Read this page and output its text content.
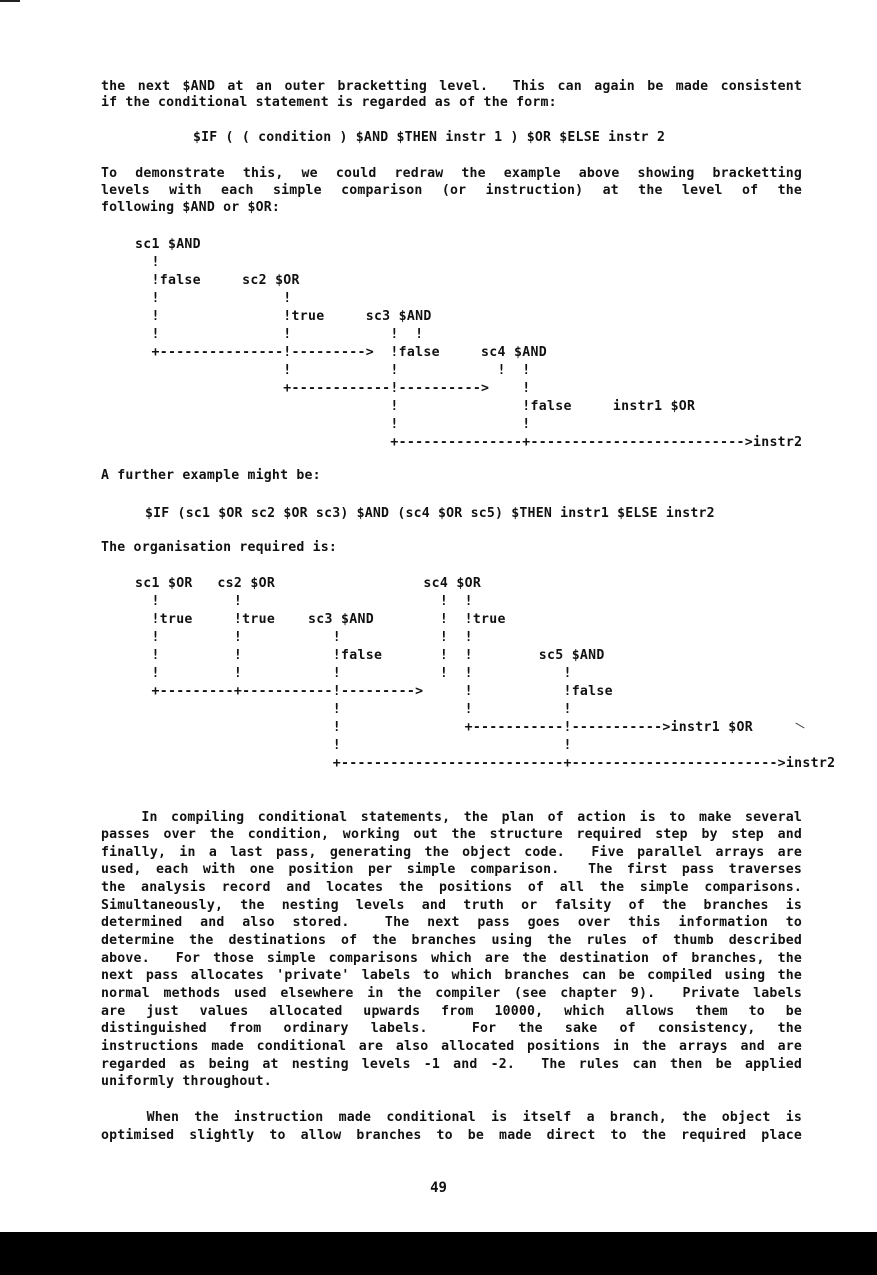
the next $AND at an outer bracketting level.  This can again be made consistent
if the conditional statement is regarded as of the form:
$IF ( ( condition ) $AND $THEN instr 1 ) $OR $ELSE instr 2
To demonstrate this, we could redraw the example above showing bracketting
levels with each simple comparison (or instruction) at the level of the
following $AND or $OR:
sc1 $AND
!
!false     sc2 $OR
!               !
!               !true     sc3 $AND
!               !            !  !
+---------------!--------->  !false     sc4 $AND
!            !            !  !
+------------!---------->    !
!               !false     instr1 $OR
!               !
+---------------+-------------------------->instr2
A further example might be:
$IF (sc1 $OR sc2 $OR sc3) $AND (sc4 $OR sc5) $THEN instr1 $ELSE instr2
The organisation required is:
sc1 $OR   cs2 $OR                  sc4 $OR
!         !                        !  !
!true     !true    sc3 $AND        !  !true
!         !           !            !  !
!         !           !false       !  !        sc5 $AND
!         !           !            !  !           !
+---------+-----------!--------->     !           !false
!               !           !
!               +-----------!----------->instr1 $OR
!                           !
+---------------------------+------------------------->instr2
In compiling conditional statements, the plan of action is to make several
passes over the condition, working out the structure required step by step and
finally, in a last pass, generating the object code.  Five parallel arrays are
used, each with one position per simple comparison.  The first pass traverses
the analysis record and locates the positions of all the simple comparisons.
Simultaneously, the nesting levels and truth or falsity of the branches is
determined and also stored.  The next pass goes over this information to
determine the destinations of the branches using the rules of thumb described
above.  For those simple comparisons which are the destination of branches, the
next pass allocates 'private' labels to which branches can be compiled using the
normal methods used elsewhere in the compiler (see chapter 9).  Private labels
are just values allocated upwards from 10000, which allows them to be
distinguished from ordinary labels.  For the sake of consistency, the
instructions made conditional are also allocated positions in the arrays and are
regarded as being at nesting levels -1 and -2.  The rules can then be applied
uniformly throughout.
When the instruction made conditional is itself a branch, the object is
optimised slightly to allow branches to be made direct to the required place
49
